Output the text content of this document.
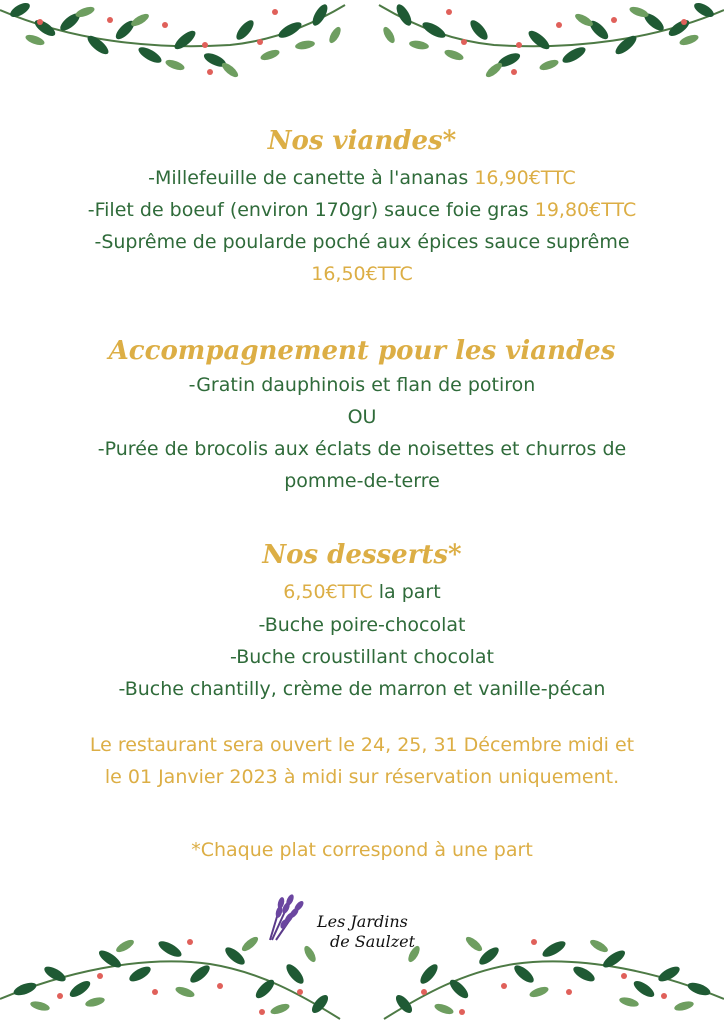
Nos viandes*
-Millefeuille de canette à l'ananas 16,90€TTC
-Filet de boeuf (environ 170gr) sauce foie gras 19,80€TTC
-Suprême de poularde poché aux épices sauce suprême
16,50€TTC
Accompagnement pour les viandes
-Gratin dauphinois et flan de potiron
OU
-Purée de brocolis aux éclats de noisettes et churros de
pomme-de-terre
Nos desserts*
6,50€TTC la part
-Buche poire-chocolat
-Buche croustillant chocolat
-Buche chantilly, crème de marron et vanille-pécan
Le restaurant sera ouvert le 24, 25, 31 Décembre midi et
le 01 Janvier 2023 à midi sur réservation uniquement.
*Chaque plat correspond à une part
Les Jardins
de Saulzet
